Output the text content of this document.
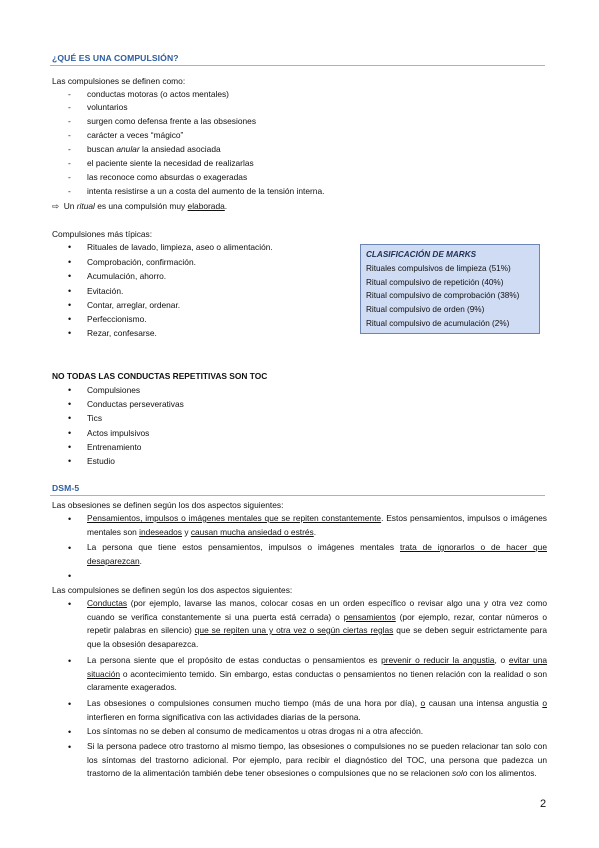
¿QUÉ ES UNA COMPULSIÓN?
Las compulsiones se definen como:
- conductas motoras (o actos mentales)
- voluntarios
- surgen como defensa frente a las obsesiones
- carácter a veces “mágico”
- buscan anular la ansiedad asociada
- el paciente siente la necesidad de realizarlas
- las reconoce como absurdas o exageradas
- intenta resistirse a un a costa del aumento de la tensión interna.
⇨ Un ritual es una compulsión muy elaborada.
Compulsiones más típicas:
• Rituales de lavado, limpieza, aseo o alimentación.
• Comprobación, confirmación.
• Acumulación, ahorro.
• Evitación.
• Contar, arreglar, ordenar.
• Perfeccionismo.
• Rezar, confesarse.
CLASIFICACIÓN DE MARKS
Rituales compulsivos de limpieza (51%)
Ritual compulsivo de repetición (40%)
Ritual compulsivo de comprobación (38%)
Ritual compulsivo de orden (9%)
Ritual compulsivo de acumulación (2%)
NO TODAS LAS CONDUCTAS REPETITIVAS SON TOC
• Compulsiones
• Conductas perseverativas
• Tics
• Actos impulsivos
• Entrenamiento
• Estudio
DSM-5
Las obsesiones se definen según los dos aspectos siguientes:
• Pensamientos, impulsos o imágenes mentales que se repiten constantemente. Estos pensamientos, impulsos o imágenes mentales son indeseados y causan mucha ansiedad o estrés.
• La persona que tiene estos pensamientos, impulsos o imágenes mentales trata de ignorarlos o de hacer que desaparezcan.
•
Las compulsiones se definen según los dos aspectos siguientes:
• Conductas (por ejemplo, lavarse las manos, colocar cosas en un orden específico o revisar algo una y otra vez como cuando se verifica constantemente si una puerta está cerrada) o pensamientos (por ejemplo, rezar, contar números o repetir palabras en silencio) que se repiten una y otra vez o según ciertas reglas que se deben seguir estrictamente para que la obsesión desaparezca.
• La persona siente que el propósito de estas conductas o pensamientos es prevenir o reducir la angustia, o evitar una situación o acontecimiento temido. Sin embargo, estas conductas o pensamientos no tienen relación con la realidad o son claramente exagerados.
• Las obsesiones o compulsiones consumen mucho tiempo (más de una hora por día), o causan una intensa angustia o interfieren en forma significativa con las actividades diarias de la persona.
• Los síntomas no se deben al consumo de medicamentos u otras drogas ni a otra afección.
• Si la persona padece otro trastorno al mismo tiempo, las obsesiones o compulsiones no se pueden relacionar tan solo con los síntomas del trastorno adicional. Por ejemplo, para recibir el diagnóstico del TOC, una persona que padezca un trastorno de la alimentación también debe tener obsesiones o compulsiones que no se relacionen solo con los alimentos.
2
